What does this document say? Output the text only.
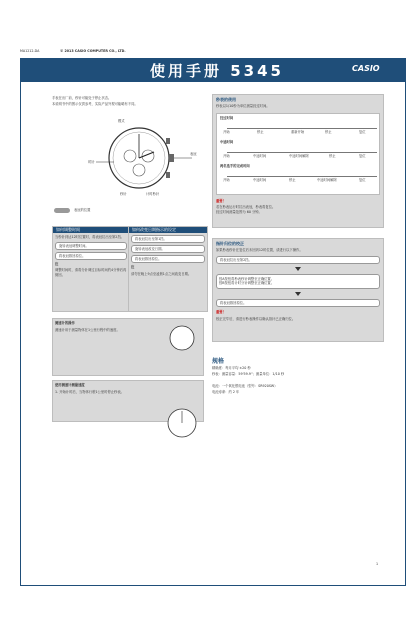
MA1212-DA	© 2013 CASIO COMPUTER CO., LTD.
使用手册 5345	CASIO
手表在出厂前，秒针可能处于停止状态。
本说明书中的图示仅供参考，实际产品外观可能略有不同。
模式
时针
表冠
计时秒针
秒针
表冠的位置
秒表的使用
秒表以1/10秒为单位测量经过时间。
经过时间
开始	停止	重新开始	停止	复位
中途时间
开始	中途时间	中途时间解除	停止	复位
两名选手的完成时间
开始	中途时间	停止	中途时间解除	复位
重要！
若在秒表运行时拉出表冠，秒表将复位。
经过时间测量范围为 60 分钟。
如何调整时间
当秒针到达12时位置时，将表冠拉出至第2挡。
旋转表冠调整时间。
将表冠推回原位。
注
调整时间时，请将分针调过目标时间约4分钟后再倒回。
如何改变日期指示的设定
将表冠拉出至第1挡。
旋转表冠改变日期。
将表冠推回原位。
注
请勿在晚上9点至凌晨1点之间改变日期。
指针归位的校正
如果秒表秒针在复位后未回到12时位置，请进行以下操作。
将表冠拉出至第2挡。
按A按钮将秒表秒针调整至正确位置。
按B按钮将计时分针调整至正确位置。
将表冠推回原位。
重要！
校正完毕后，请进行秒表操作以确认指针已正确归位。
测速计的操作
测速计用于测量物体在1公里行程中的速度。
使用测速计测量速度
1. 开始计时后，当物体行驶1公里时停止秒表。
规格
精确度：每月平均 ±20 秒
秒表：测量容量：59'59.9''；测量单位：1/10 秒
电池：一个氧化银电池（型号：SR920SW）
电池寿命：约 2 年
1
